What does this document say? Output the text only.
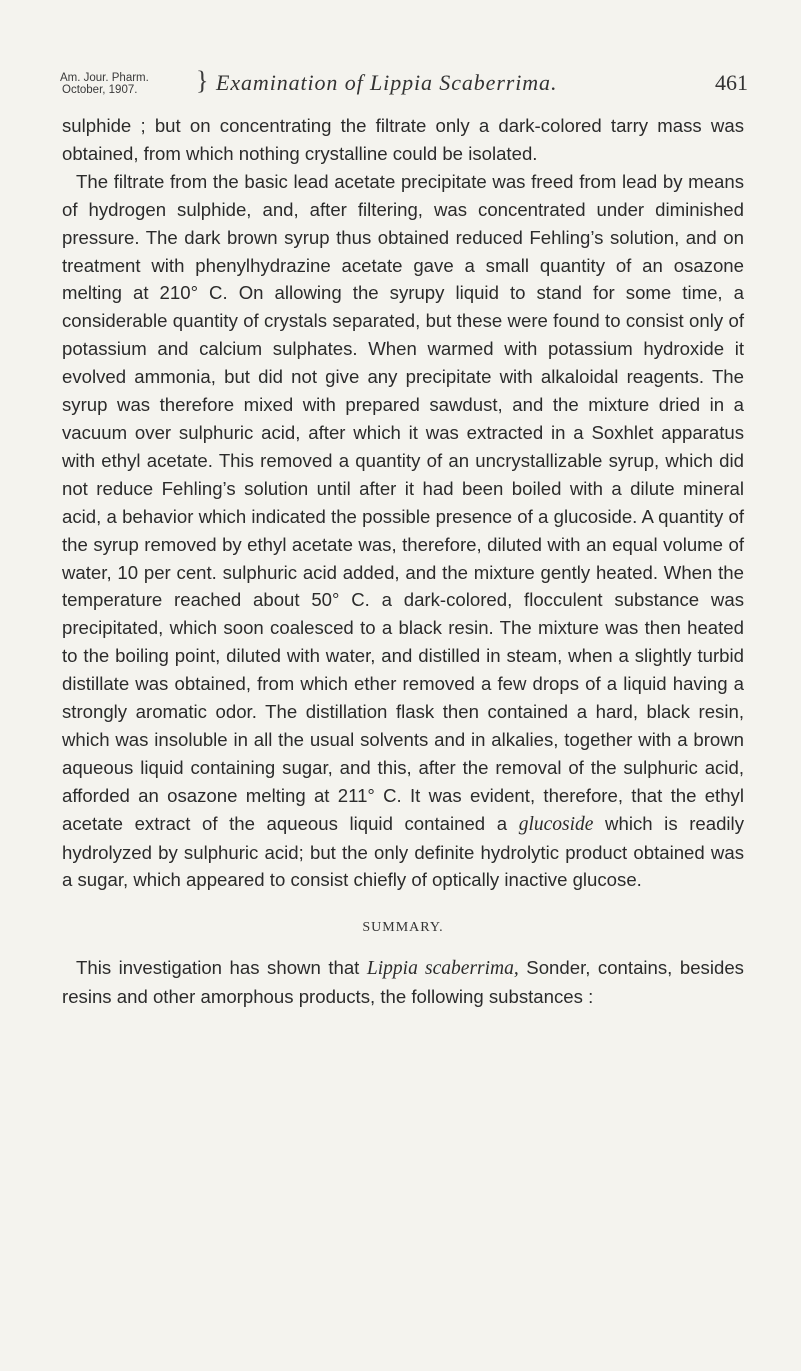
Am. Jour. Pharm.
October, 1907.	} Examination of Lippia Scaberrima.	461

sulphide ; but on concentrating the filtrate only a dark-colored tarry mass was obtained, from which nothing crystalline could be isolated.

The filtrate from the basic lead acetate precipitate was freed from lead by means of hydrogen sulphide, and, after filtering, was concentrated under diminished pressure. The dark brown syrup thus obtained reduced Fehling’s solution, and on treatment with phenylhydrazine acetate gave a small quantity of an osazone melting at 210° C. On allowing the syrupy liquid to stand for some time, a considerable quantity of crystals separated, but these were found to consist only of potassium and calcium sulphates. When warmed with potassium hydroxide it evolved ammonia, but did not give any precipitate with alkaloidal reagents. The syrup was therefore mixed with prepared sawdust, and the mixture dried in a vacuum over sulphuric acid, after which it was extracted in a Soxhlet apparatus with ethyl acetate. This removed a quantity of an uncrystallizable syrup, which did not reduce Fehling’s solution until after it had been boiled with a dilute mineral acid, a behavior which indicated the possible presence of a glucoside. A quantity of the syrup removed by ethyl acetate was, therefore, diluted with an equal volume of water, 10 per cent. sulphuric acid added, and the mixture gently heated. When the temperature reached about 50° C. a dark-colored, flocculent substance was precipitated, which soon coalesced to a black resin. The mixture was then heated to the boiling point, diluted with water, and distilled in steam, when a slightly turbid distillate was obtained, from which ether removed a few drops of a liquid having a strongly aromatic odor. The distillation flask then contained a hard, black resin, which was insoluble in all the usual solvents and in alkalies, together with a brown aqueous liquid containing sugar, and this, after the removal of the sulphuric acid, afforded an osazone melting at 211° C. It was evident, therefore, that the ethyl acetate extract of the aqueous liquid contained a glucoside which is readily hydrolyzed by sulphuric acid; but the only definite hydrolytic product obtained was a sugar, which appeared to consist chiefly of optically inactive glucose.

SUMMARY.

This investigation has shown that Lippia scaberrima, Sonder, contains, besides resins and other amorphous products, the following substances :
